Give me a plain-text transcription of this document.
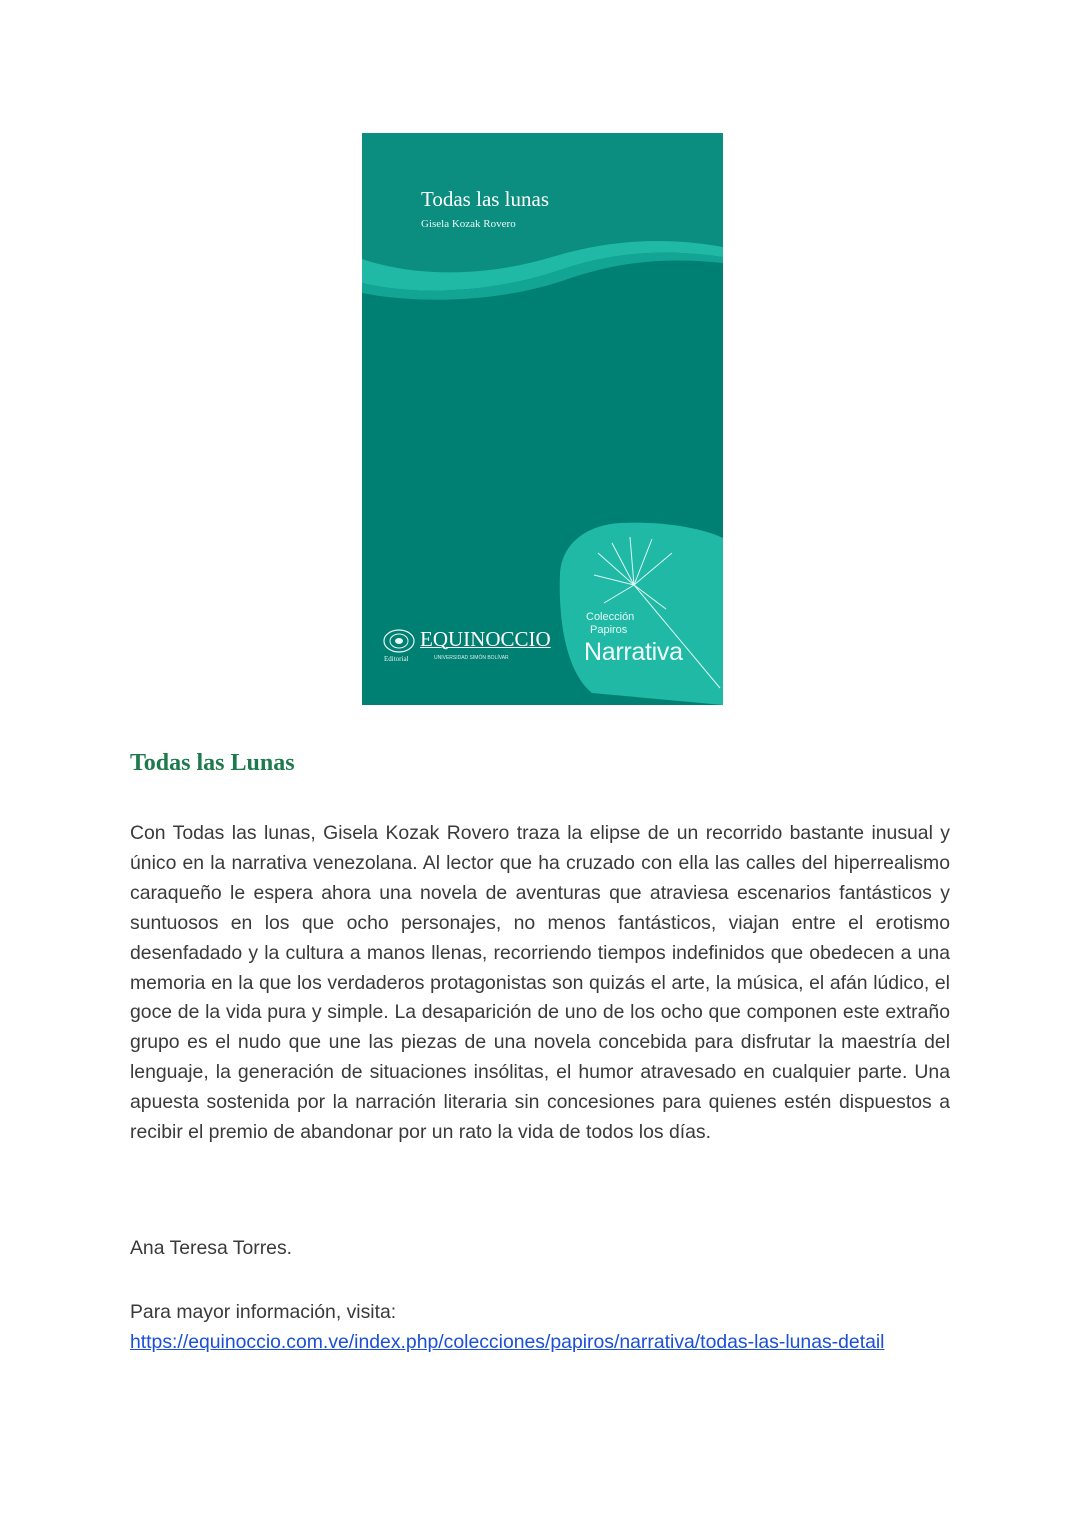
Todas las lunas
Gisela Kozak Rovero
Editorial
EQUINOCCIO
UNIVERSIDAD SIMÓN BOLÍVAR
Colección
Papiros
Narrativa
Todas las Lunas

Con Todas las lunas, Gisela Kozak Rovero traza la elipse de un recorrido bastante inusual y único en la narrativa venezolana. Al lector que ha cruzado con ella las calles del hiperrealismo caraqueño le espera ahora una novela de aventuras que atraviesa escenarios fantásticos y suntuosos en los que ocho personajes, no menos fantásticos, viajan entre el erotismo desenfadado y la cultura a manos llenas, recorriendo tiempos indefinidos que obedecen a una memoria en la que los verdaderos protagonistas son quizás el arte, la música, el afán lúdico, el goce de la vida pura y simple. La desaparición de uno de los ocho que componen este extraño grupo es el nudo que une las piezas de una novela concebida para disfrutar la maestría del lenguaje, la generación de situaciones insólitas, el humor atravesado en cualquier parte. Una apuesta sostenida por la narración literaria sin concesiones para quienes estén dispuestos a recibir el premio de abandonar por un rato la vida de todos los días.

Ana Teresa Torres.

Para mayor información, visita:
https://equinoccio.com.ve/index.php/colecciones/papiros/narrativa/todas-las-lunas-detail
